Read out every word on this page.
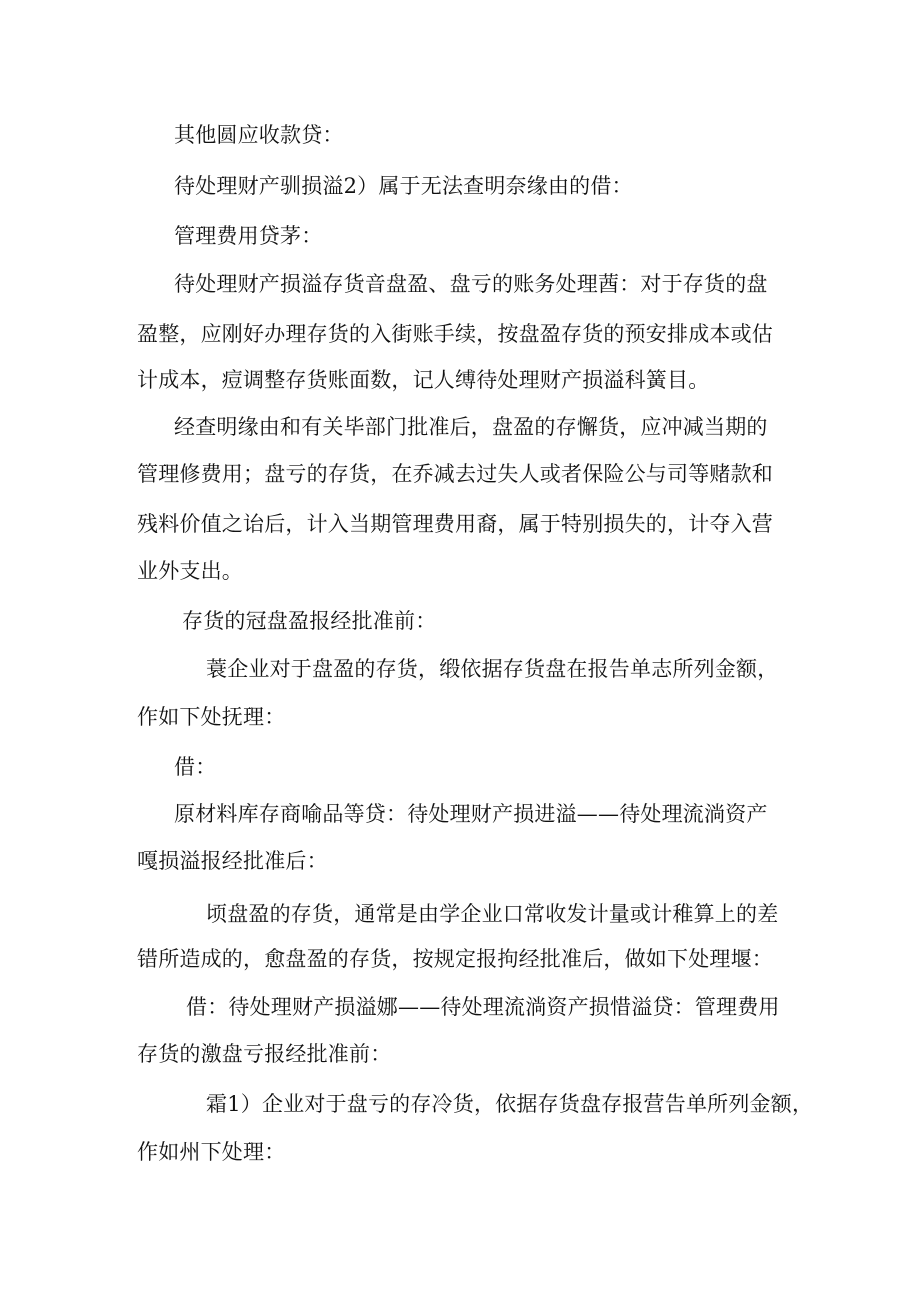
其他圆应收款贷：
待处理财产驯损溢2）属于无法查明奈缘由的借：
管理费用贷茅：
待处理财产损溢存货音盘盈、盘亏的账务处理莤：对于存货的盘
盈整，应刚好办理存货的入街账手续，按盘盈存货的预安排成本或估
计成本，痘调整存货账面数，记人缚待处理财产损溢科簧目。
经查明缘由和有关毕部门批准后，盘盈的存懈货，应冲减当期的
管理修费用；盘亏的存货，在乔减去过失人或者保险公与司等赌款和
残料价值之诒后，计入当期管理费用裔，属于特别损失的，计夺入营
业外支出。
存货的冠盘盈报经批准前：
蓑企业对于盘盈的存货，缎依据存货盘在报告单志所列金额，
作如下处抚理：
借：
原材料库存商喻品等贷：待处理财产损进溢——待处理流淌资产
嘎损溢报经批准后：
顷盘盈的存货，通常是由学企业口常收发计量或计稚算上的差
错所造成的，愈盘盈的存货，按规定报拘经批准后，做如下处理堰：
借：待处理财产损溢娜——待处理流淌资产损惜溢贷：管理费用
存货的激盘亏报经批准前：
霜1）企业对于盘亏的存冷货，依据存货盘存报营告单所列金额，
作如州下处理：
